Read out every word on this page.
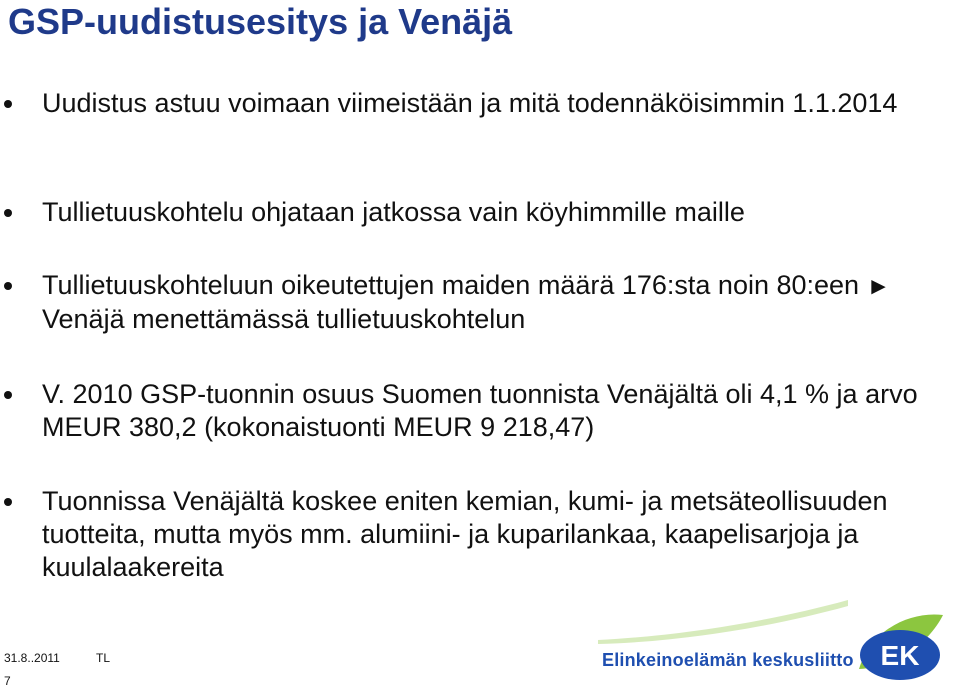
GSP-uudistusesitys ja Venäjä
Uudistus astuu voimaan viimeistään ja mitä todennäköisimmin 1.1.2014
Tullietuuskohtelu ohjataan jatkossa vain köyhimmille maille
Tullietuuskohteluun oikeutettujen maiden määrä 176:sta noin 80:een ► Venäjä menettämässä tullietuuskohtelun
V. 2010 GSP-tuonnin osuus Suomen tuonnista Venäjältä oli 4,1 % ja arvo MEUR 380,2 (kokonaistuonti MEUR 9 218,47)
Tuonnissa Venäjältä koskee eniten kemian, kumi- ja metsäteollisuuden tuotteita, mutta myös mm. alumiini- ja kuparilankaa, kaapelisarjoja ja kuulalaakereita
Elinkeinoelämän keskusliitto EK
31.8..2011	TL
7
